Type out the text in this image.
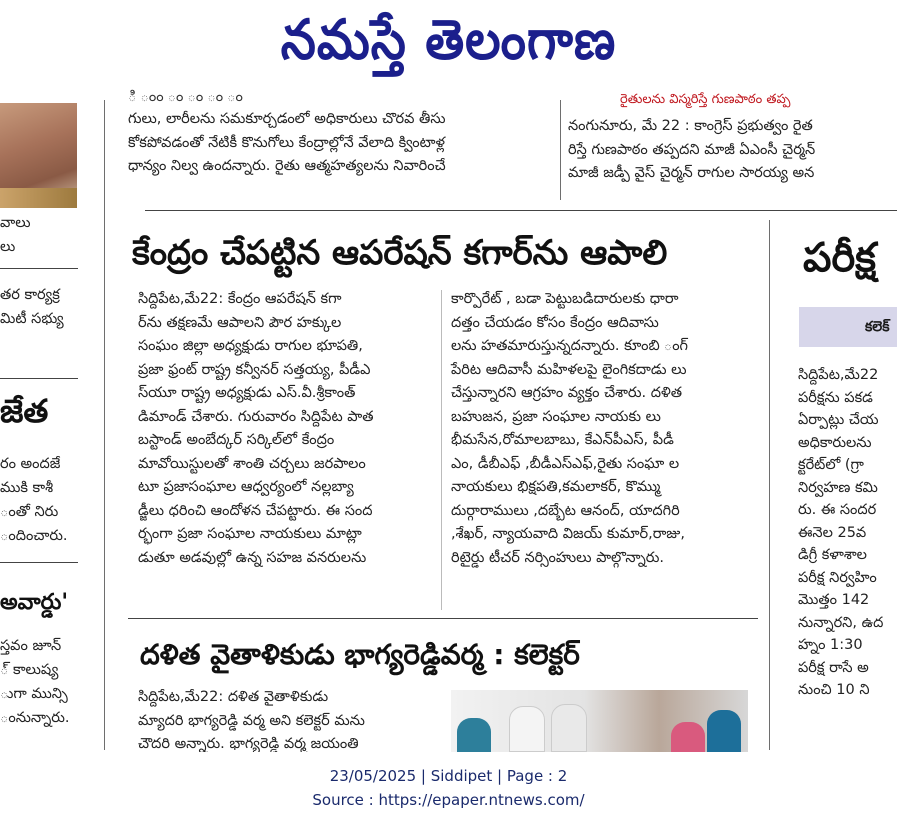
నమస్తే తెలంగాణ

వాలు

లు

తర కార్యక్ర

మిటీ సభ్యు

జేత

రం అందజే

ముకి కాశీ

ంతో నిరు

ందించారు.

అవార్డు'

స్తవం జూన్

్ కాలుష్య

ుగా మున్సి

ంనున్నారు.

ి ంం ం ం ం ం

గులు, లారీలను సమకూర్చడంలో అధికారులు చొరవ తీసు

కోకపోవడంతో నేటికీ కొనుగోలు కేంద్రాల్లోనే వేలాది క్వింటాళ్ల

ధాన్యం నిల్వ ఉందన్నారు. రైతు ఆత్మహత్యలను నివారించే

రైతులను విస్మరిస్తే గుణపాఠం తప్ప

నంగునూరు, మే 22 : కాంగ్రెస్ ప్రభుత్వం రైత

రిస్తే గుణపాఠం తప్పదని మాజీ ఏఎంసీ చైర్మన్

మాజీ జడ్పీ వైస్ చైర్మన్ రాగుల సారయ్య అన

కేంద్రం చేపట్టిన ఆపరేషన్ కగార్‌ను ఆపాలి

సిద్దిపేట,మే22: కేంద్రం ఆపరేషన్ కగా

ర్‌ను తక్షణమే ఆపాలని పౌర హక్కుల

సంఘం జిల్లా అధ్యక్షుడు రాగుల భూపతి,

ప్రజా ఫ్రంట్ రాష్ట్ర కన్వీనర్ సత్తయ్య, పీడీఎ

స్‌యూ రాష్ట్ర అధ్యక్షుడు ఎస్.వీ.శ్రీకాంత్

డిమాండ్ చేశారు. గురువారం సిద్దిపేట పాత

బస్టాండ్ అంబేద్కర్ సర్కిల్‌లో కేంద్రం

మావోయిస్టులతో శాంతి చర్చలు జరపాలం

టూ ప్రజాసంఘాల ఆధ్వర్యంలో నల్లబ్యా

డ్జీలు ధరించి ఆందోళన చేపట్టారు. ఈ సంద

ర్భంగా ప్రజా సంఘాల నాయకులు మాట్లా

డుతూ అడవుల్లో ఉన్న సహజ వనరులను

కార్పొరేట్ , బడా పెట్టుబడిదారులకు ధారా

దత్తం చేయడం కోసం కేంద్రం ఆదివాసు

లను హతమారుస్తున్నదన్నారు. కూంబి ంగ్

పేరిట ఆదివాసీ మహిళలపై లైంగికదాడు లు

చేస్తున్నారని ఆగ్రహం వ్యక్తం చేశారు. దళిత

బహుజన, ప్రజా సంఘాల నాయకు లు

భీమసేన,రోమాలబాబు, కేఎన్‌పీఎస్, పీడీ

ఎం, డీబీఎఫ్ ,బీడీఎస్‌ఎఫ్,రైతు సంఘా ల

నాయకులు భిక్షపతి,కమలాకర్, కొమ్ము

దుర్గారాములు ,దబ్బేట ఆనంద్, యాదగిరి

,శేఖర్, న్యాయవాది విజయ్ కుమార్,రాజు,

రిటైర్డు టీచర్ నర్సింహులు పాల్గొన్నారు.

దళిత వైతాళికుడు భాగ్యరెడ్డివర్మ : కలెక్టర్

సిద్దిపేట,మే22: దళిత వైతాళికుడు

మ్యాదరి భాగ్యరెడ్డి వర్మ అని కలెక్టర్ మను

చౌదరి అన్నారు. భాగ్యరెడ్డి వర్మ జయంతి

పరీక్ష
కలెక్

సిద్దిపేట,మే22

పరీక్షను పకడ

ఏర్పాట్లు చేయ

అధికారులను

క్టరేట్‌లో (గ్రా

నిర్వహణ కమి

రు. ఈ సందర

ఈనెల 25వ

డిగ్రీ కళాశాల

పరీక్ష నిర్వహిం

మొత్తం 142

నున్నారని, ఉద

హ్నం 1:30

పరీక్ష రాసే అ

నుంచి 10 ని

23/05/2025 | Siddipet | Page : 2
Source : https://epaper.ntnews.com/
